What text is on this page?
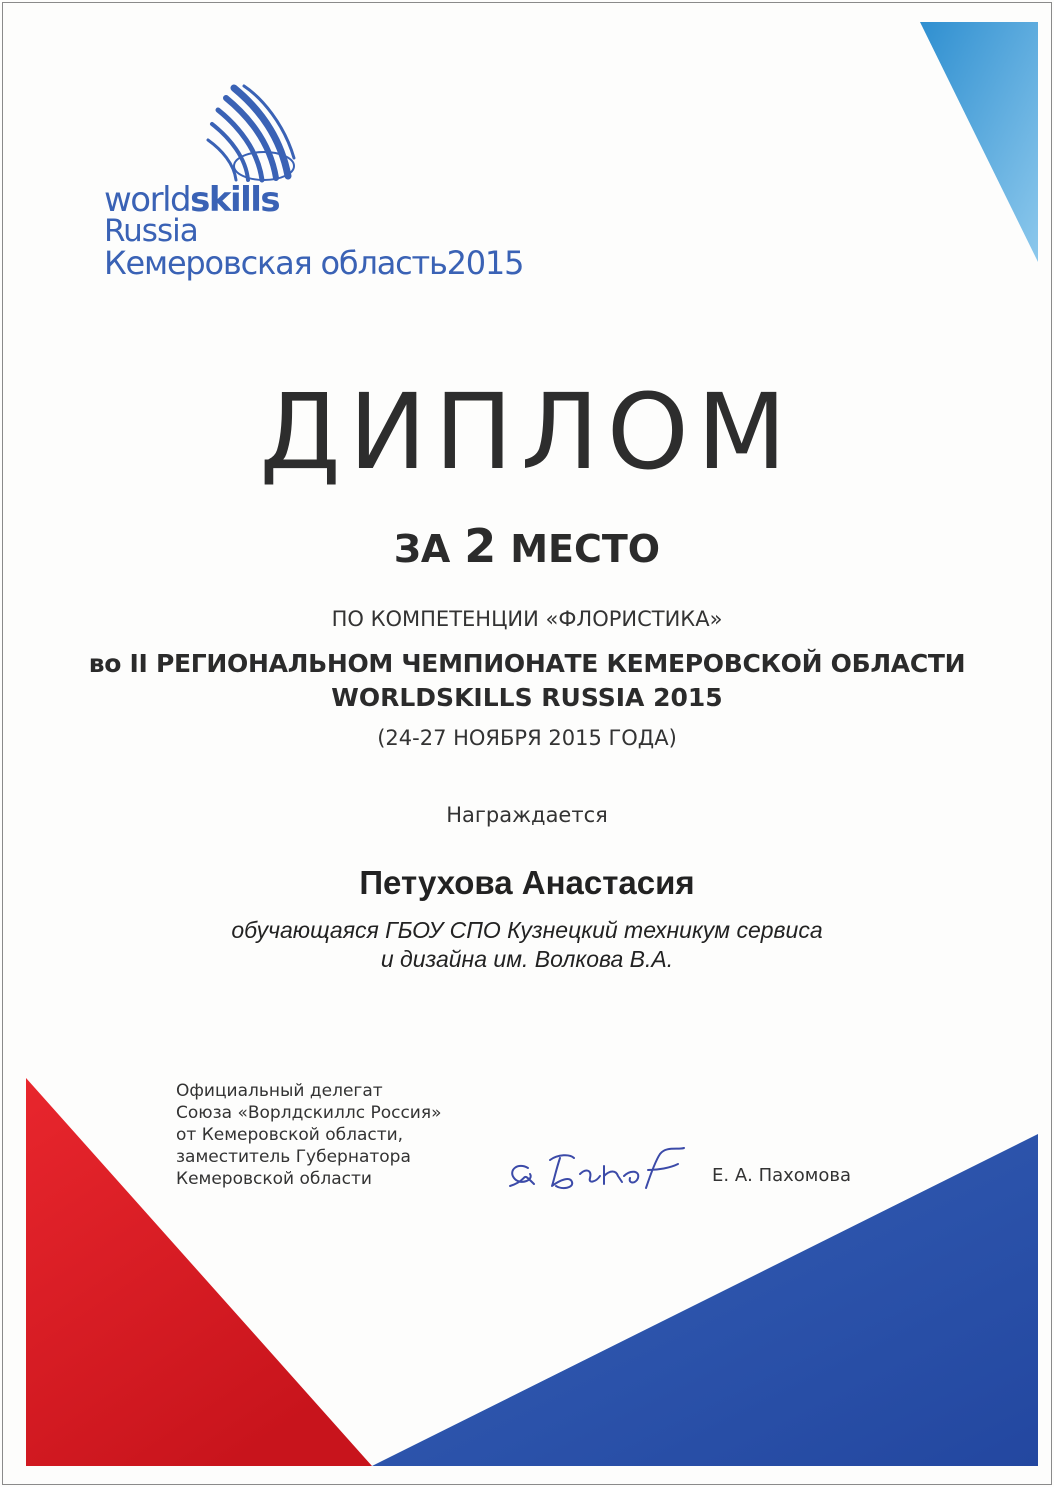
worldskills
Russia
Кемеровская область2015
ДИПЛОМ
ЗА 2 МЕСТО
ПО КОМПЕТЕНЦИИ «ФЛОРИСТИКА»
во II РЕГИОНАЛЬНОМ ЧЕМПИОНАТЕ КЕМЕРОВСКОЙ ОБЛАСТИ
WORLDSKILLS RUSSIA 2015
(24-27 НОЯБРЯ 2015 ГОДА)
Награждается
Петухова Анастасия
обучающаяся ГБОУ СПО Кузнецкий техникум сервиса
и дизайна им. Волкова В.А.
Официальный делегат
Союза «Ворлдскиллс Россия»
от Кемеровской области,
заместитель Губернатора
Кемеровской области	Е. А. Пахомова
